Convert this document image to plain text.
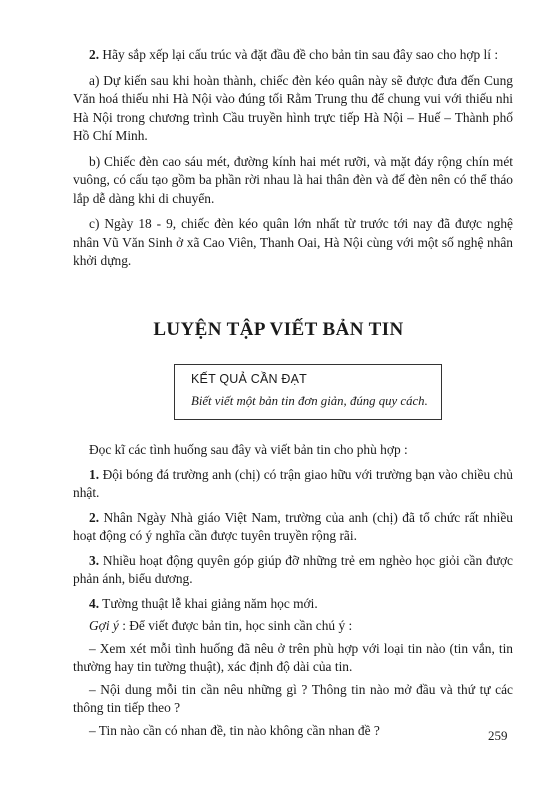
2. Hãy sắp xếp lại cấu trúc và đặt đầu đề cho bản tin sau đây sao cho hợp lí :

a) Dự kiến sau khi hoàn thành, chiếc đèn kéo quân này sẽ được đưa đến Cung Văn hoá thiếu nhi Hà Nội vào đúng tối Rằm Trung thu để chung vui với thiếu nhi Hà Nội trong chương trình Cầu truyền hình trực tiếp Hà Nội – Huế – Thành phố Hồ Chí Minh.

b) Chiếc đèn cao sáu mét, đường kính hai mét rưỡi, và mặt đáy rộng chín mét vuông, có cấu tạo gồm ba phần rời nhau là hai thân đèn và đế đèn nên có thể tháo lắp dễ dàng khi di chuyển.

c) Ngày 18 - 9, chiếc đèn kéo quân lớn nhất từ trước tới nay đã được nghệ nhân Vũ Văn Sinh ở xã Cao Viên, Thanh Oai, Hà Nội cùng với một số nghệ nhân khởi dựng.

LUYỆN TẬP VIẾT BẢN TIN
KẾT QUẢ CẦN ĐẠT
Biết viết một bản tin đơn giản, đúng quy cách.

Đọc kĩ các tình huống sau đây và viết bản tin cho phù hợp :

1. Đội bóng đá trường anh (chị) có trận giao hữu với trường bạn vào chiều chủ nhật.

2. Nhân Ngày Nhà giáo Việt Nam, trường của anh (chị) đã tổ chức rất nhiều hoạt động có ý nghĩa cần được tuyên truyền rộng rãi.

3. Nhiều hoạt động quyên góp giúp đỡ những trẻ em nghèo học giỏi cần được phản ánh, biểu dương.

4. Tường thuật lễ khai giảng năm học mới.

Gợi ý : Để viết được bản tin, học sinh cần chú ý :

– Xem xét mỗi tình huống đã nêu ở trên phù hợp với loại tin nào (tin vắn, tin thường hay tin tường thuật), xác định độ dài của tin.

– Nội dung mỗi tin cần nêu những gì ? Thông tin nào mở đầu và thứ tự các thông tin tiếp theo ?

– Tin nào cần có nhan đề, tin nào không cần nhan đề ?	259
